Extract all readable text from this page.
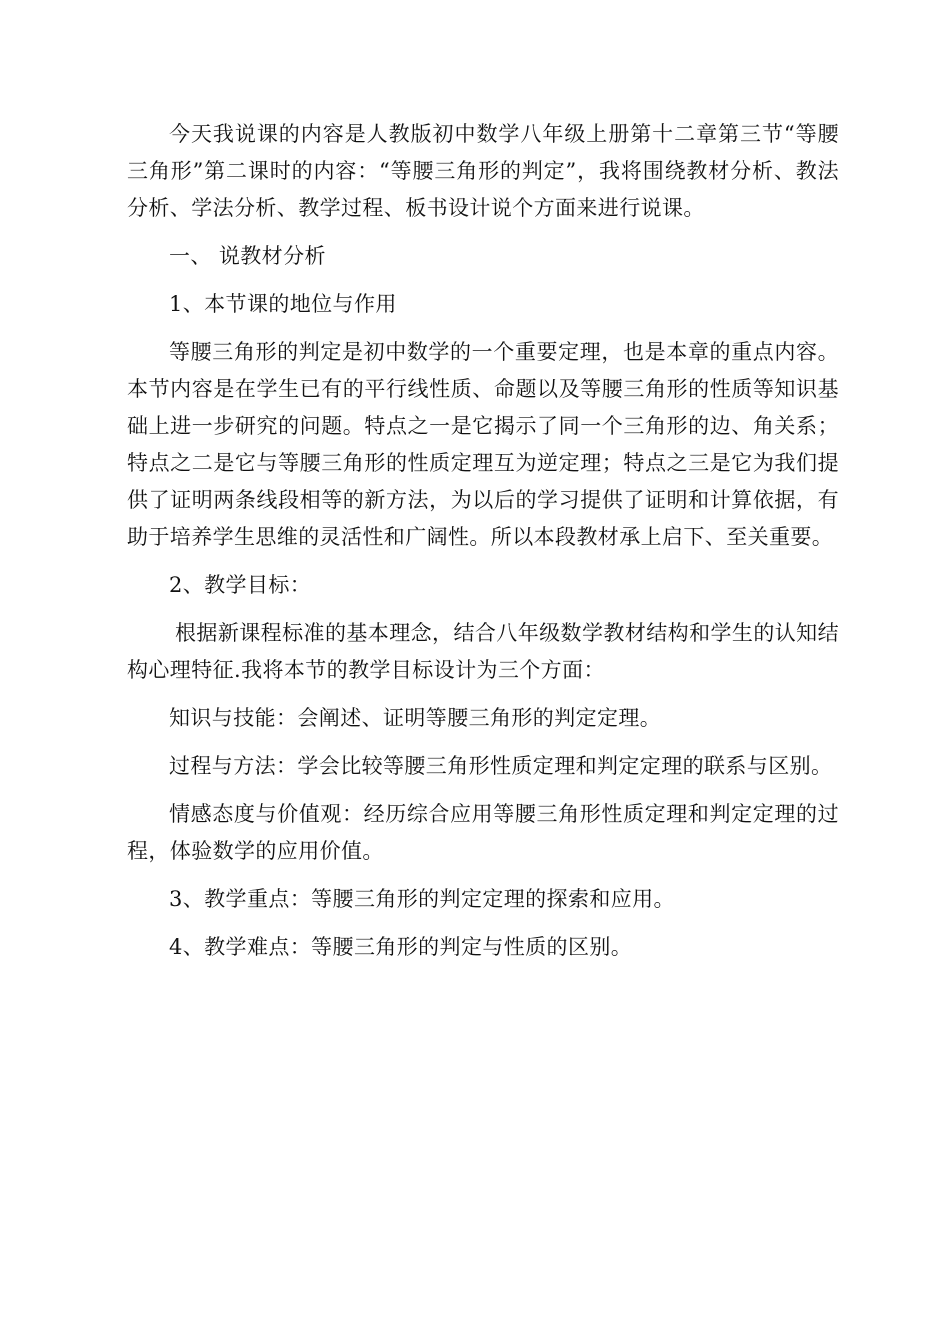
今天我说课的内容是人教版初中数学八年级上册第十二章第三节“等腰三角形”第二课时的内容：“等腰三角形的判定”，我将围绕教材分析、教法分析、学法分析、教学过程、板书设计说个方面来进行说课。

一、 说教材分析

1、本节课的地位与作用

等腰三角形的判定是初中数学的一个重要定理，也是本章的重点内容。本节内容是在学生已有的平行线性质、命题以及等腰三角形的性质等知识基础上进一步研究的问题。特点之一是它揭示了同一个三角形的边、角关系；特点之二是它与等腰三角形的性质定理互为逆定理；特点之三是它为我们提供了证明两条线段相等的新方法，为以后的学习提供了证明和计算依据，有助于培养学生思维的灵活性和广阔性。所以本段教材承上启下、至关重要。

2、教学目标：

根据新课程标准的基本理念，结合八年级数学教材结构和学生的认知结构心理特征.我将本节的教学目标设计为三个方面：

知识与技能：会阐述、证明等腰三角形的判定定理。

过程与方法：学会比较等腰三角形性质定理和判定定理的联系与区别。

情感态度与价值观：经历综合应用等腰三角形性质定理和判定定理的过程，体验数学的应用价值。

3、教学重点：等腰三角形的判定定理的探索和应用。

4、教学难点：等腰三角形的判定与性质的区别。
